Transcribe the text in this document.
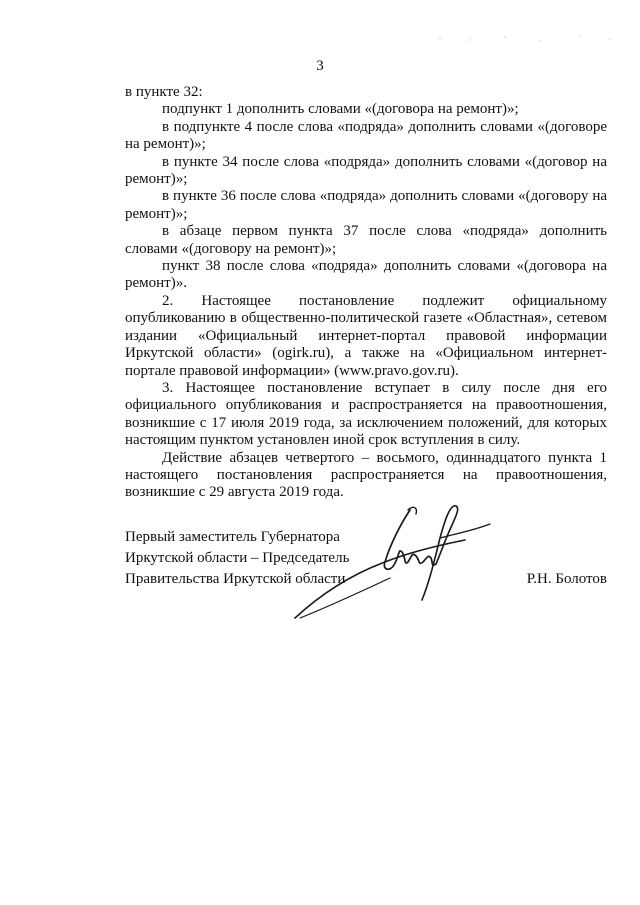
3

в пункте 32:

подпункт 1 дополнить словами «(договора на ремонт)»;

в подпункте 4 после слова «подряда» дополнить словами «(договоре на ремонт)»;

в пункте 34 после слова «подряда» дополнить словами «(договор на ремонт)»;

в пункте 36 после слова «подряда» дополнить словами «(договору на ремонт)»;

в абзаце первом пункта 37 после слова «подряда» дополнить словами «(договору на ремонт)»;

пункт 38 после слова «подряда» дополнить словами «(договора на ремонт)».

2. Настоящее постановление подлежит официальному опубликованию в общественно-политической газете «Областная», сетевом издании «Официальный интернет-портал правовой информации Иркутской области» (ogirk.ru), а также на «Официальном интернет-портале правовой информации» (www.pravo.gov.ru).

3. Настоящее постановление вступает в силу после дня его официального опубликования и распространяется на правоотношения, возникшие с 17 июля 2019 года, за исключением положений, для которых настоящим пунктом установлен иной срок вступления в силу.

Действие абзацев четвертого – восьмого, одиннадцатого пункта 1 настоящего постановления распространяется на правоотношения, возникшие с 29 августа 2019 года.

Первый заместитель Губернатора
Иркутской области – Председатель
Правительства Иркутской области	Р.Н. Болотов
